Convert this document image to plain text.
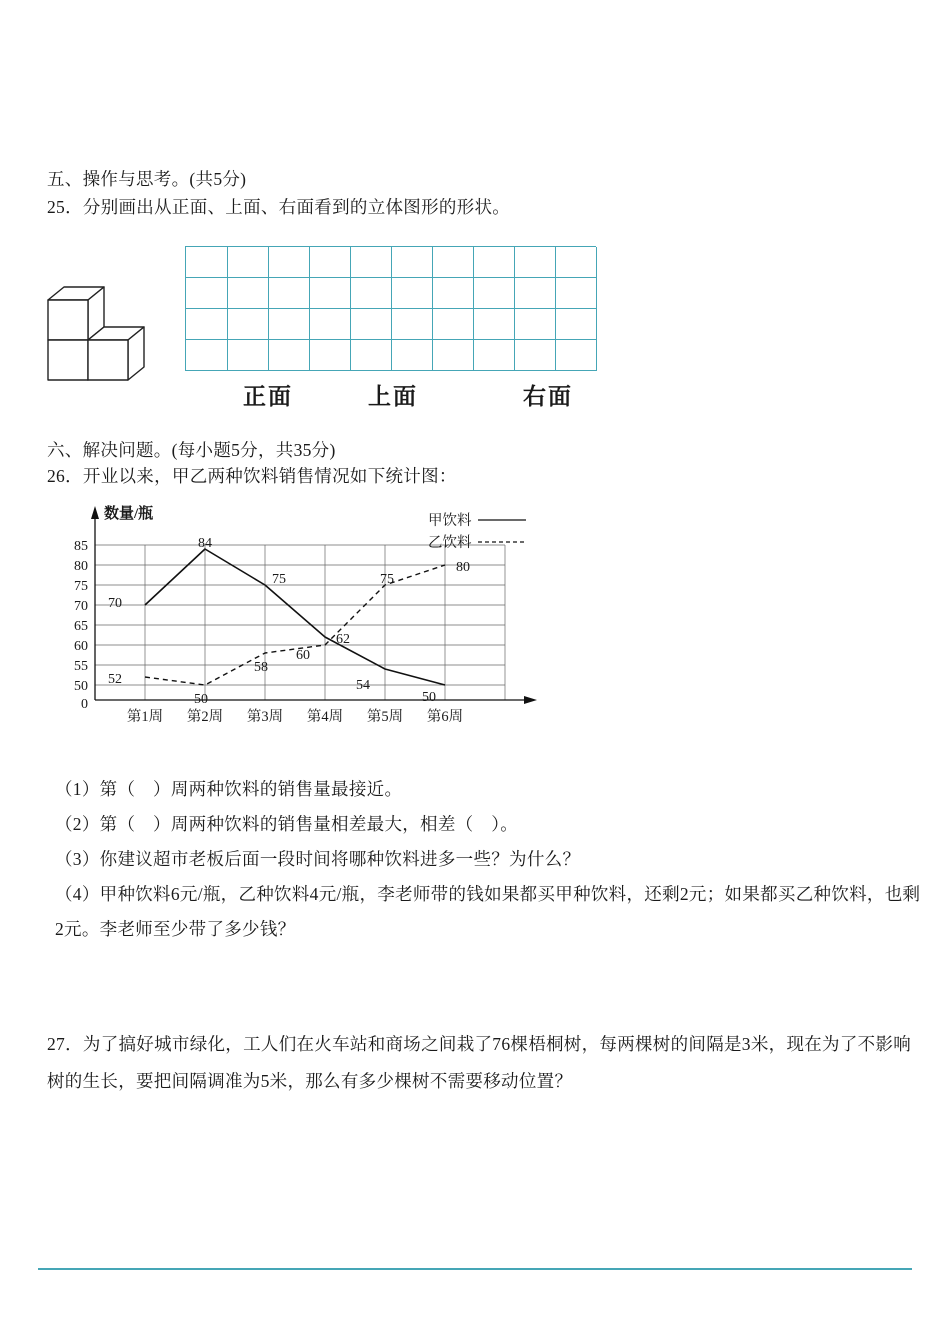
五、操作与思考。(共5分)
25．分别画出从正面、上面、右面看到的立体图形的形状。
正面	上面	右面
六、解决问题。(每小题5分，共35分)
26．开业以来，甲乙两种饮料销售情况如下统计图：
0
50
55
60
65
70
75
80
85
数量/瓶
第1周 第2周 第3周 第4周 第5周 第6周
甲饮料
乙饮料
70
84
75
62
54
50
52
50
58
60
75
80

（1）第（　）周两种饮料的销售量最接近。

（2）第（　）周两种饮料的销售量相差最大，相差（　）。

（3）你建议超市老板后面一段时间将哪种饮料进多一些？为什么？

（4）甲种饮料6元/瓶，乙种饮料4元/瓶，李老师带的钱如果都买甲种饮料，还剩2元；如果都买乙种饮料，也剩2元。李老师至少带了多少钱？

27．为了搞好城市绿化，工人们在火车站和商场之间栽了76棵梧桐树，每两棵树的间隔是3米，现在为了不影响树的生长，要把间隔调准为5米，那么有多少棵树不需要移动位置？
